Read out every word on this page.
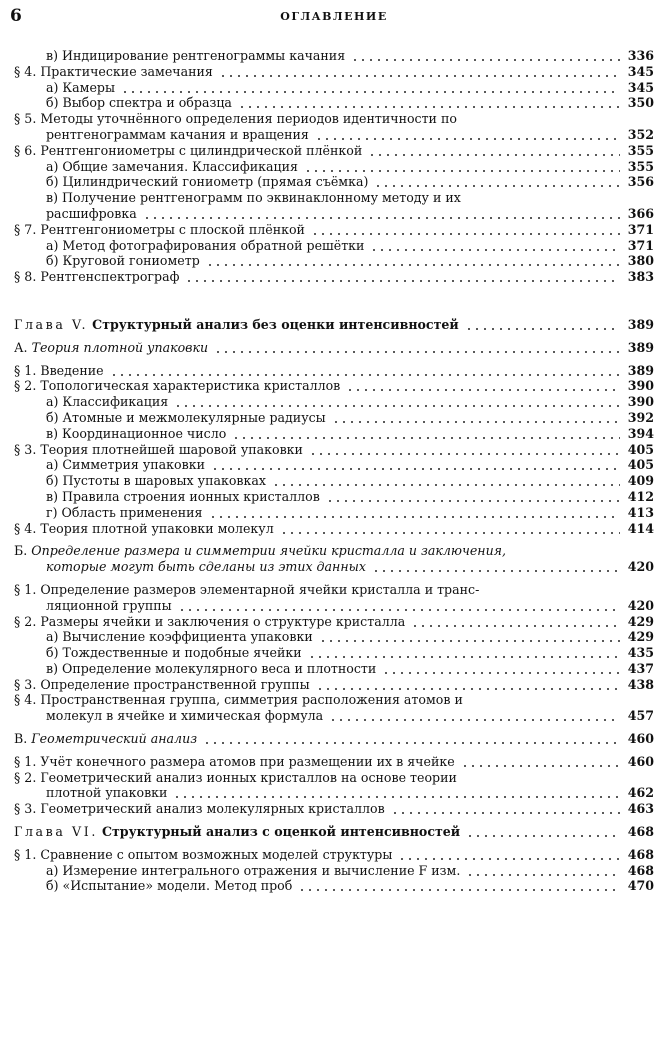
6	ОГЛАВЛЕНИЕ
в) Индицирование рентгенограммы качания	336
§ 4. Практические замечания	345
а) Камеры	345
б) Выбор спектра и образца	350
§ 5. Методы уточнённого определения периодов идентичности по
рентгенограммам качания и вращения	352
§ 6. Рентгенгониометры с цилиндрической плёнкой	355
а) Общие замечания. Классификация	355
б) Цилиндрический гониометр (прямая съёмка)	356
в) Получение рентгенограмм по эквинаклонному методу и их
расшифровка	366
§ 7. Рентгенгониометры с плоской плёнкой	371
а) Метод фотографирования обратной решётки	371
б) Круговой гониометр	380
§ 8. Рентгенспектрограф	383
Глава V. Структурный анализ без оценки интенсивностей	389
А. Теория плотной упаковки	389
§ 1. Введение	389
§ 2. Топологическая характеристика кристаллов	390
а) Классификация	390
б) Атомные и межмолекулярные радиусы	392
в) Координационное число	394
§ 3. Теория плотнейшей шаровой упаковки	405
а) Симметрия упаковки	405
б) Пустоты в шаровых упаковках	409
в) Правила строения ионных кристаллов	412
г) Область применения	413
§ 4. Теория плотной упаковки молекул	414
Б. Определение размера и симметрии ячейки кристалла и заключения,
которые могут быть сделаны из этих данных	420
§ 1. Определение размеров элементарной ячейки кристалла и транс-
ляционной группы	420
§ 2. Размеры ячейки и заключения о структуре кристалла	429
а) Вычисление коэффициента упаковки	429
б) Тождественные и подобные ячейки	435
в) Определение молекулярного веса и плотности	437
§ 3. Определение пространственной группы	438
§ 4. Пространственная группа, симметрия расположения атомов и
молекул в ячейке и химическая формула	457
В. Геометрический анализ	460
§ 1. Учёт конечного размера атомов при размещении их в ячейке	460
§ 2. Геометрический анализ ионных кристаллов на основе теории
плотной упаковки	462
§ 3. Геометрический анализ молекулярных кристаллов	463
Глава VI. Структурный анализ с оценкой интенсивностей	468
§ 1. Сравнение с опытом возможных моделей структуры	468
а) Измерение интегрального отражения и вычисление F изм.	468
б) «Испытание» модели. Метод проб	470
